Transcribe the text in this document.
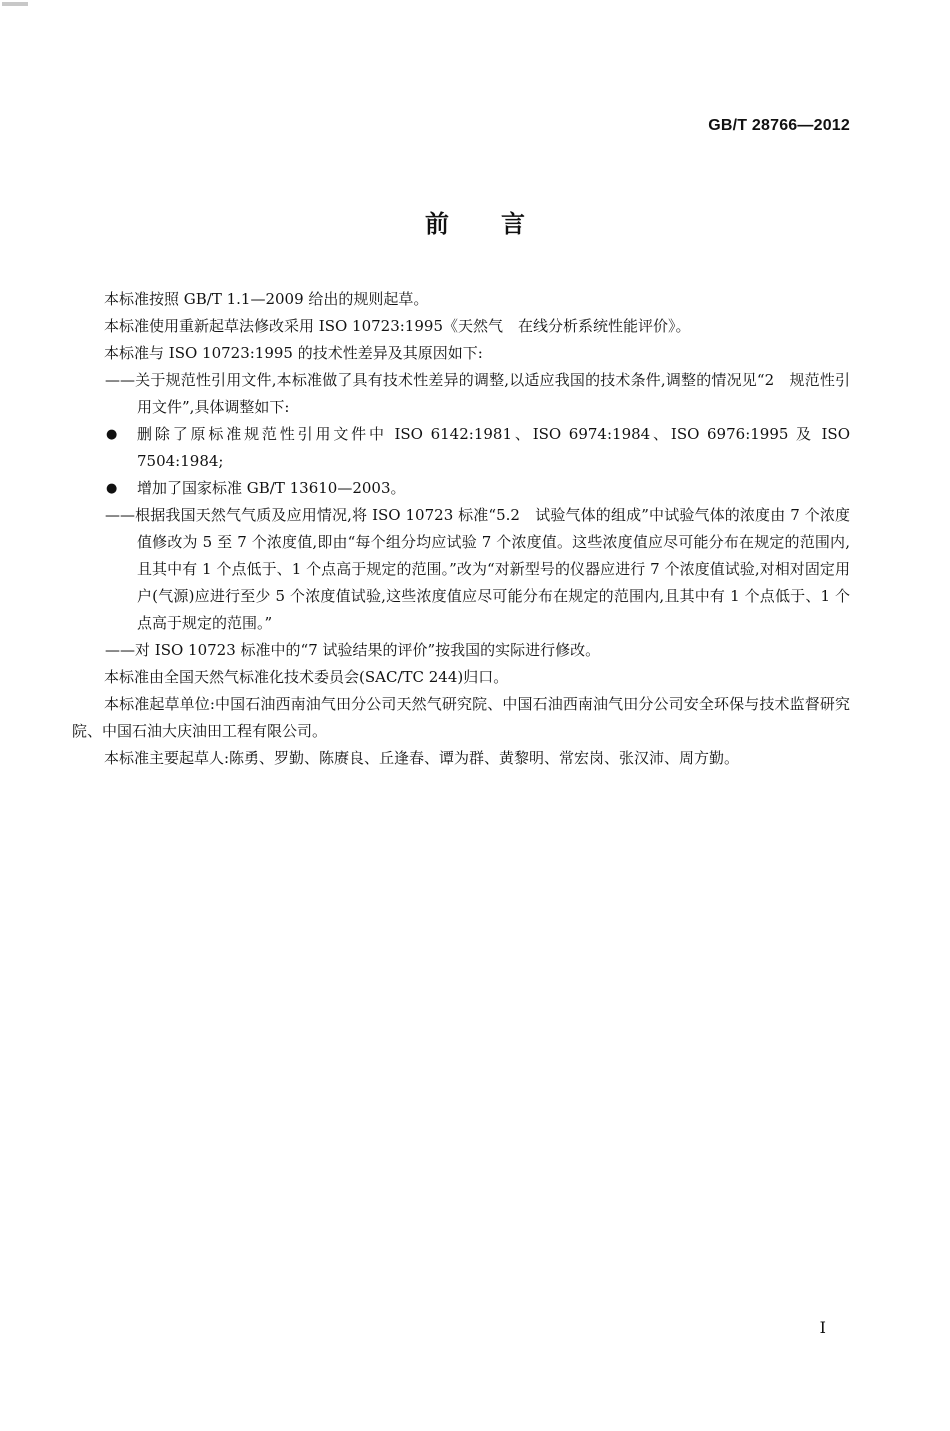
GB/T 28766—2012
前言

本标准按照 GB/T 1.1—2009 给出的规则起草。

本标准使用重新起草法修改采用 ISO 10723:1995《天然气　在线分析系统性能评价》。

本标准与 ISO 10723:1995 的技术性差异及其原因如下:

——关于规范性引用文件,本标准做了具有技术性差异的调整,以适应我国的技术条件,调整的情况见“2　规范性引用文件”,具体调整如下:

● 删除了原标准规范性引用文件中 ISO 6142:1981、ISO 6974:1984、ISO 6976:1995 及 ISO 7504:1984;

● 增加了国家标准 GB/T 13610—2003。

——根据我国天然气气质及应用情况,将 ISO 10723 标准“5.2　试验气体的组成”中试验气体的浓度由 7 个浓度值修改为 5 至 7 个浓度值,即由“每个组分均应试验 7 个浓度值。这些浓度值应尽可能分布在规定的范围内,且其中有 1 个点低于、1 个点高于规定的范围。”改为“对新型号的仪器应进行 7 个浓度值试验,对相对固定用户(气源)应进行至少 5 个浓度值试验,这些浓度值应尽可能分布在规定的范围内,且其中有 1 个点低于、1 个点高于规定的范围。”

——对 ISO 10723 标准中的“7 试验结果的评价”按我国的实际进行修改。

本标准由全国天然气标准化技术委员会(SAC/TC 244)归口。

本标准起草单位:中国石油西南油气田分公司天然气研究院、中国石油西南油气田分公司安全环保与技术监督研究院、中国石油大庆油田工程有限公司。

本标准主要起草人:陈勇、罗勤、陈赓良、丘逢春、谭为群、黄黎明、常宏岗、张汉沛、周方勤。

I
